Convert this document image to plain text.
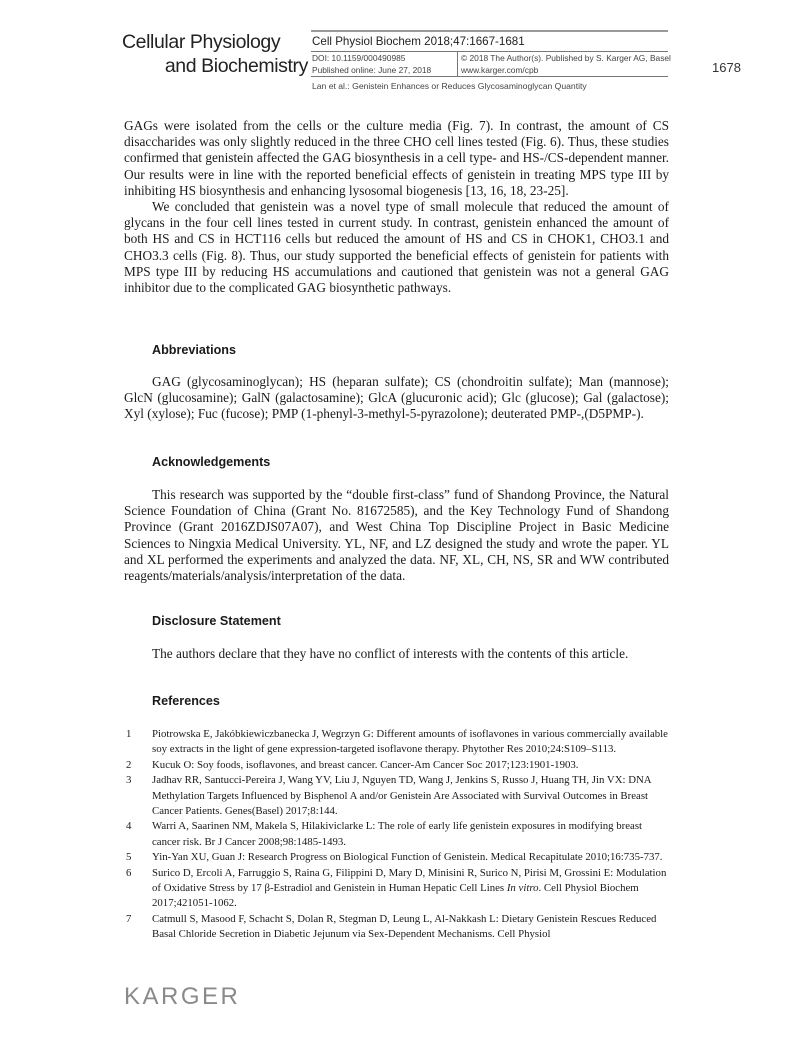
Cellular Physiology
and Biochemistry
Cell Physiol Biochem 2018;47:1667-1681
DOI: 10.1159/000490985
Published online: June 27, 2018
© 2018 The Author(s). Published by S. Karger AG, Basel
www.karger.com/cpb
Lan et al.: Genistein Enhances or Reduces Glycosaminoglycan Quantity
1678

GAGs were isolated from the cells or the culture media (Fig. 7). In contrast, the amount of CS disaccharides was only slightly reduced in the three CHO cell lines tested (Fig. 6). Thus, these studies confirmed that genistein affected the GAG biosynthesis in a cell type- and HS-/CS-dependent manner. Our results were in line with the reported beneficial effects of genistein in treating MPS type III by inhibiting HS biosynthesis and enhancing lysosomal biogenesis [13, 16, 18, 23-25].

We concluded that genistein was a novel type of small molecule that reduced the amount of glycans in the four cell lines tested in current study. In contrast, genistein enhanced the amount of both HS and CS in HCT116 cells but reduced the amount of HS and CS in CHOK1, CHO3.1 and CHO3.3 cells (Fig. 8). Thus, our study supported the beneficial effects of genistein for patients with MPS type III by reducing HS accumulations and cautioned that genistein was not a general GAG inhibitor due to the complicated GAG biosynthetic pathways.

Abbreviations

GAG (glycosaminoglycan); HS (heparan sulfate); CS (chondroitin sulfate); Man (mannose); GlcN (glucosamine); GalN (galactosamine); GlcA (glucuronic acid); Glc (glucose); Gal (galactose); Xyl (xylose); Fuc (fucose); PMP (1-phenyl-3-methyl-5-pyrazolone); deuterated PMP-,(D5PMP-).

Acknowledgements

This research was supported by the “double first-class” fund of Shandong Province, the Natural Science Foundation of China (Grant No. 81672585), and the Key Technology Fund of Shandong Province (Grant 2016ZDJS07A07), and West China Top Discipline Project in Basic Medicine Sciences to Ningxia Medical University. YL, NF, and LZ designed the study and wrote the paper. YL and XL performed the experiments and analyzed the data. NF, XL, CH, NS, SR and WW contributed reagents/materials/analysis/interpretation of the data.

Disclosure Statement
The authors declare that they have no conflict of interests with the contents of this article.
References
1 Piotrowska E, Jakóbkiewiczbanecka J, Wegrzyn G: Different amounts of isoflavones in various commercially available soy extracts in the light of gene expression-targeted isoflavone therapy. Phytother Res 2010;24:S109–S113.
2 Kucuk O: Soy foods, isoflavones, and breast cancer. Cancer-Am Cancer Soc 2017;123:1901-1903.
3 Jadhav RR, Santucci-Pereira J, Wang YV, Liu J, Nguyen TD, Wang J, Jenkins S, Russo J, Huang TH, Jin VX: DNA Methylation Targets Influenced by Bisphenol A and/or Genistein Are Associated with Survival Outcomes in Breast Cancer Patients. Genes(Basel) 2017;8:144.
4 Warri A, Saarinen NM, Makela S, Hilakiviclarke L: The role of early life genistein exposures in modifying breast cancer risk. Br J Cancer 2008;98:1485-1493.
5 Yin-Yan XU, Guan J: Research Progress on Biological Function of Genistein. Medical Recapitulate 2010;16:735-737.
6 Surico D, Ercoli A, Farruggio S, Raina G, Filippini D, Mary D, Minisini R, Surico N, Pirisi M, Grossini E: Modulation of Oxidative Stress by 17 β-Estradiol and Genistein in Human Hepatic Cell Lines In vitro. Cell Physiol Biochem 2017;421051-1062.
7 Catmull S, Masood F, Schacht S, Dolan R, Stegman D, Leung L, Al-Nakkash L: Dietary Genistein Rescues Reduced Basal Chloride Secretion in Diabetic Jejunum via Sex-Dependent Mechanisms. Cell Physiol
KARGER
